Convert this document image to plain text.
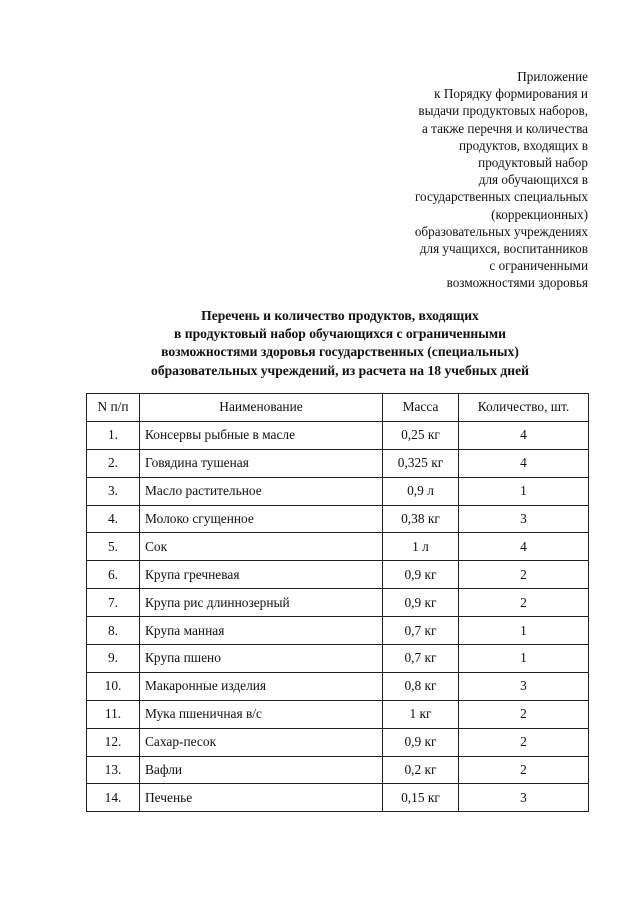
Приложение
к Порядку формирования и
выдачи продуктовых наборов,
а также перечня и количества
продуктов, входящих в
продуктовый набор
для обучающихся в
государственных специальных
(коррекционных)
образовательных учреждениях
для учащихся, воспитанников
с ограниченными
возможностями здоровья
Перечень и количество продуктов, входящих
в продуктовый набор обучающихся с ограниченными
возможностями здоровья государственных (специальных)
образовательных учреждений, из расчета на 18 учебных дней
N п/п	Наименование	Масса	Количество, шт.
1.	Консервы рыбные в масле	0,25 кг	4
2.	Говядина тушеная	0,325 кг	4
3.	Масло растительное	0,9 л	1
4.	Молоко сгущенное	0,38 кг	3
5.	Сок	1 л	4
6.	Крупа гречневая	0,9 кг	2
7.	Крупа рис длиннозерный	0,9 кг	2
8.	Крупа манная	0,7 кг	1
9.	Крупа пшено	0,7 кг	1
10.	Макаронные изделия	0,8 кг	3
11.	Мука пшеничная в/с	1 кг	2
12.	Сахар-песок	0,9 кг	2
13.	Вафли	0,2 кг	2
14.	Печенье	0,15 кг	3
